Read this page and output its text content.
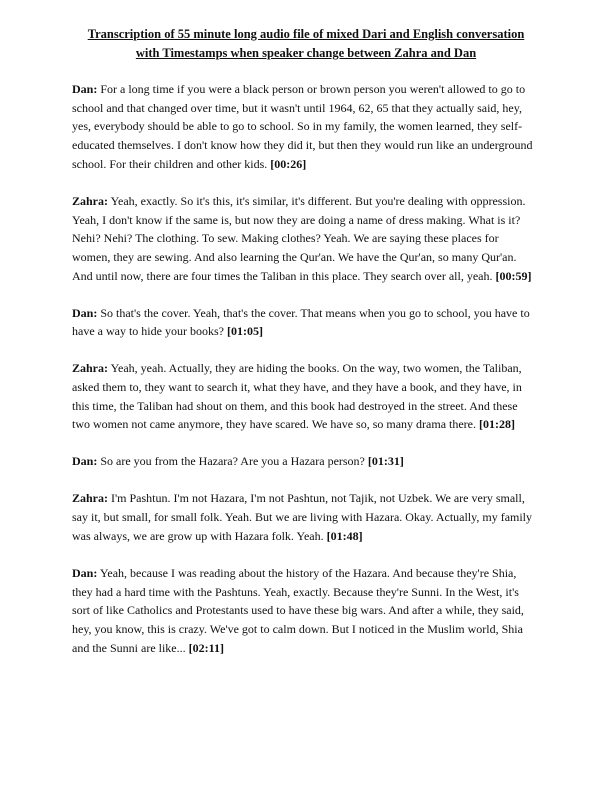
Transcription of 55 minute long audio file of mixed Dari and English conversation
with Timestamps when speaker change between Zahra and Dan
Dan: For a long time if you were a black person or brown person you weren't allowed to go to
school and that changed over time, but it wasn't until 1964, 62, 65 that they actually said, hey,
yes, everybody should be able to go to school. So in my family, the women learned, they self-
educated themselves. I don't know how they did it, but then they would run like an underground
school. For their children and other kids. [00:26]
Zahra: Yeah, exactly. So it's this, it's similar, it's different. But you're dealing with oppression.
Yeah, I don't know if the same is, but now they are doing a name of dress making. What is it?
Nehi? Nehi? The clothing. To sew. Making clothes? Yeah. We are saying these places for
women, they are sewing. And also learning the Qur'an. We have the Qur'an, so many Qur'an.
And until now, there are four times the Taliban in this place. They search over all, yeah. [00:59]
Dan: So that's the cover. Yeah, that's the cover. That means when you go to school, you have to
have a way to hide your books? [01:05]
Zahra: Yeah, yeah. Actually, they are hiding the books. On the way, two women, the Taliban,
asked them to, they want to search it, what they have, and they have a book, and they have, in
this time, the Taliban had shout on them, and this book had destroyed in the street. And these
two women not came anymore, they have scared. We have so, so many drama there. [01:28]
Dan: So are you from the Hazara? Are you a Hazara person? [01:31]
Zahra: I'm Pashtun. I'm not Hazara, I'm not Pashtun, not Tajik, not Uzbek. We are very small,
say it, but small, for small folk. Yeah. But we are living with Hazara. Okay. Actually, my family
was always, we are grow up with Hazara folk. Yeah. [01:48]
Dan: Yeah, because I was reading about the history of the Hazara. And because they're Shia,
they had a hard time with the Pashtuns. Yeah, exactly. Because they're Sunni. In the West, it's
sort of like Catholics and Protestants used to have these big wars. And after a while, they said,
hey, you know, this is crazy. We've got to calm down. But I noticed in the Muslim world, Shia
and the Sunni are like... [02:11]
